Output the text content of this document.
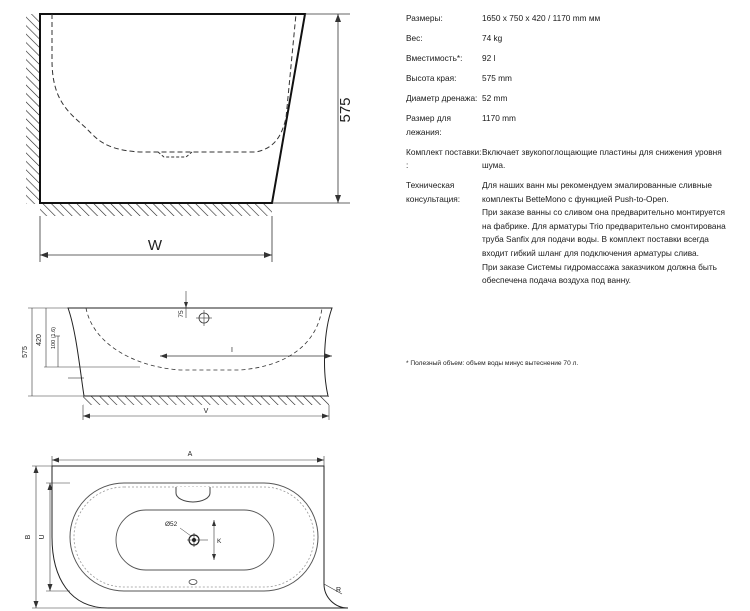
575
W
I
75
575
420 100 (1.6)
V
Ø52
K
A
B U
R
Размеры:	1650 x 750 x 420 / 1170 mm мм
Вес:	74 kg
Вместимость*:	92 l
Высота края:	575 mm
Диаметр дренажа: 52 mm
Размер для лежания:
1170 mm
Комплект поставки: :
Включает звукопоглощающие пластины для снижения уровня шума.
Техническая консультация:

Для наших ванн мы рекомендуем эмалированные сливные комплекты BetteMono с функцией Push-to-Open.

При заказе ванны со сливом она предварительно монтируется на фабрике. Для арматуры Trio предварительно смонтирована труба Sanfix для подачи воды. В комплект поставки всегда входит гибкий шланг для подключения арматуры слива.

При заказе Системы гидромассажа заказчиком должна быть обеспечена подача воздуха под ванну.

* Полезный объем: объем воды минус вытеснение 70 л.
